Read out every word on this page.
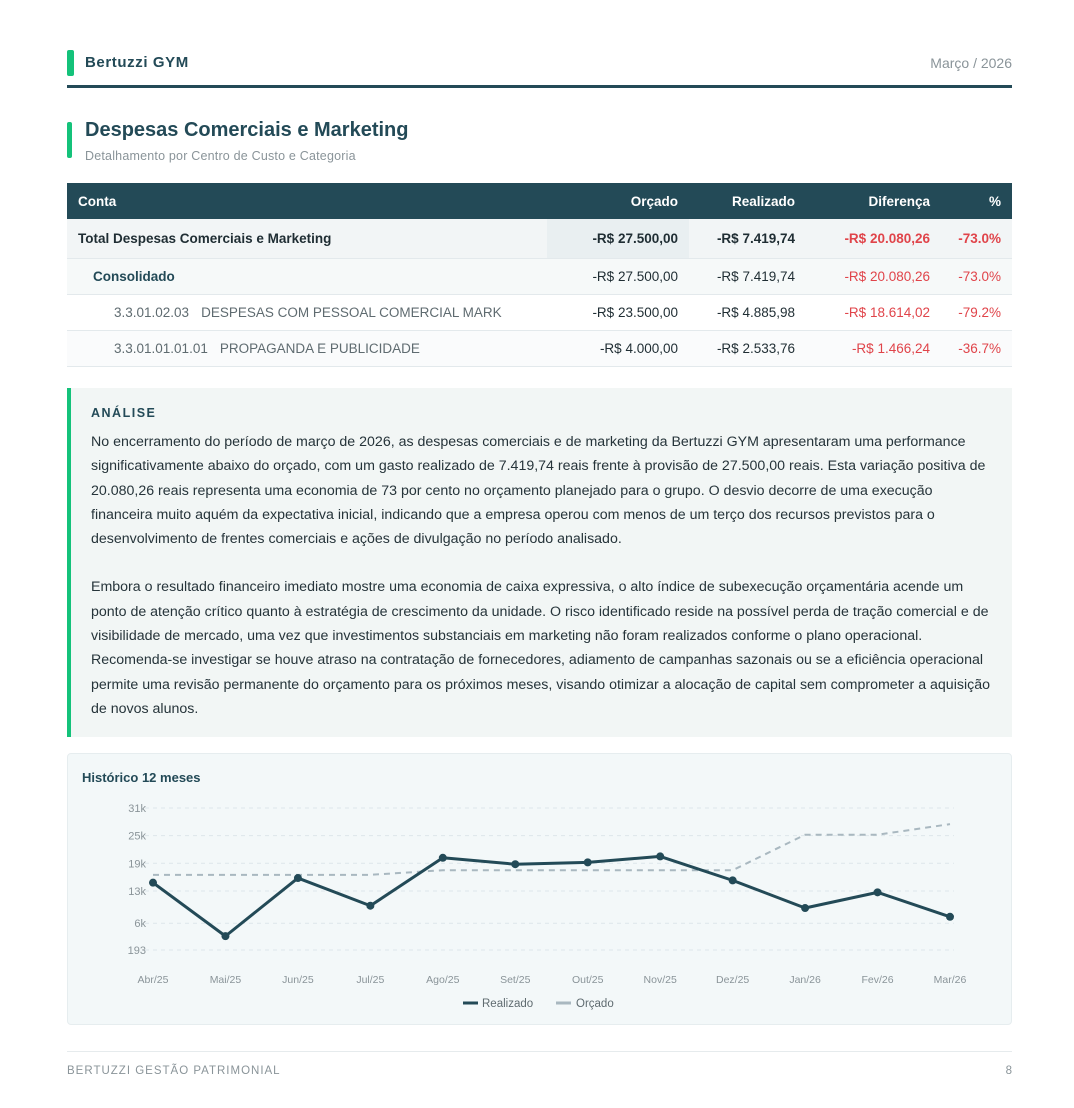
Bertuzzi GYM	Março / 2026
Despesas Comerciais e Marketing
Detalhamento por Centro de Custo e Categoria
Conta	Orçado	Realizado	Diferença	%
Total Despesas Comerciais e Marketing	-R$ 27.500,00	-R$ 7.419,74	-R$ 20.080,26	-73.0%
Consolidado	-R$ 27.500,00	-R$ 7.419,74	-R$ 20.080,26	-73.0%
3.3.01.02.03 DESPESAS COM PESSOAL COMERCIAL MARK	-R$ 23.500,00	-R$ 4.885,98	-R$ 18.614,02	-79.2%
3.3.01.01.01.01 PROPAGANDA E PUBLICIDADE	-R$ 4.000,00	-R$ 2.533,76	-R$ 1.466,24	-36.7%
ANÁLISE

No encerramento do período de março de 2026, as despesas comerciais e de marketing da Bertuzzi GYM apresentaram uma performance significativamente abaixo do orçado, com um gasto realizado de 7.419,74 reais frente à provisão de 27.500,00 reais. Esta variação positiva de 20.080,26 reais representa uma economia de 73 por cento no orçamento planejado para o grupo. O desvio decorre de uma execução financeira muito aquém da expectativa inicial, indicando que a empresa operou com menos de um terço dos recursos previstos para o desenvolvimento de frentes comerciais e ações de divulgação no período analisado.

Embora o resultado financeiro imediato mostre uma economia de caixa expressiva, o alto índice de subexecução orçamentária acende um ponto de atenção crítico quanto à estratégia de crescimento da unidade. O risco identificado reside na possível perda de tração comercial e de visibilidade de mercado, uma vez que investimentos substanciais em marketing não foram realizados conforme o plano operacional. Recomenda-se investigar se houve atraso na contratação de fornecedores, adiamento de campanhas sazonais ou se a eficiência operacional permite uma revisão permanente do orçamento para os próximos meses, visando otimizar a alocação de capital sem comprometer a aquisição de novos alunos.

Histórico 12 meses
31k
25k
19k
13k
6k
193
Abr/25	Mai/25	Jun/25	Jul/25	Ago/25	Set/25	Out/25	Nov/25	Dez/25	Jan/26	Fev/26	Mar/26
Realizado	Orçado
BERTUZZI GESTÃO PATRIMONIAL	8
